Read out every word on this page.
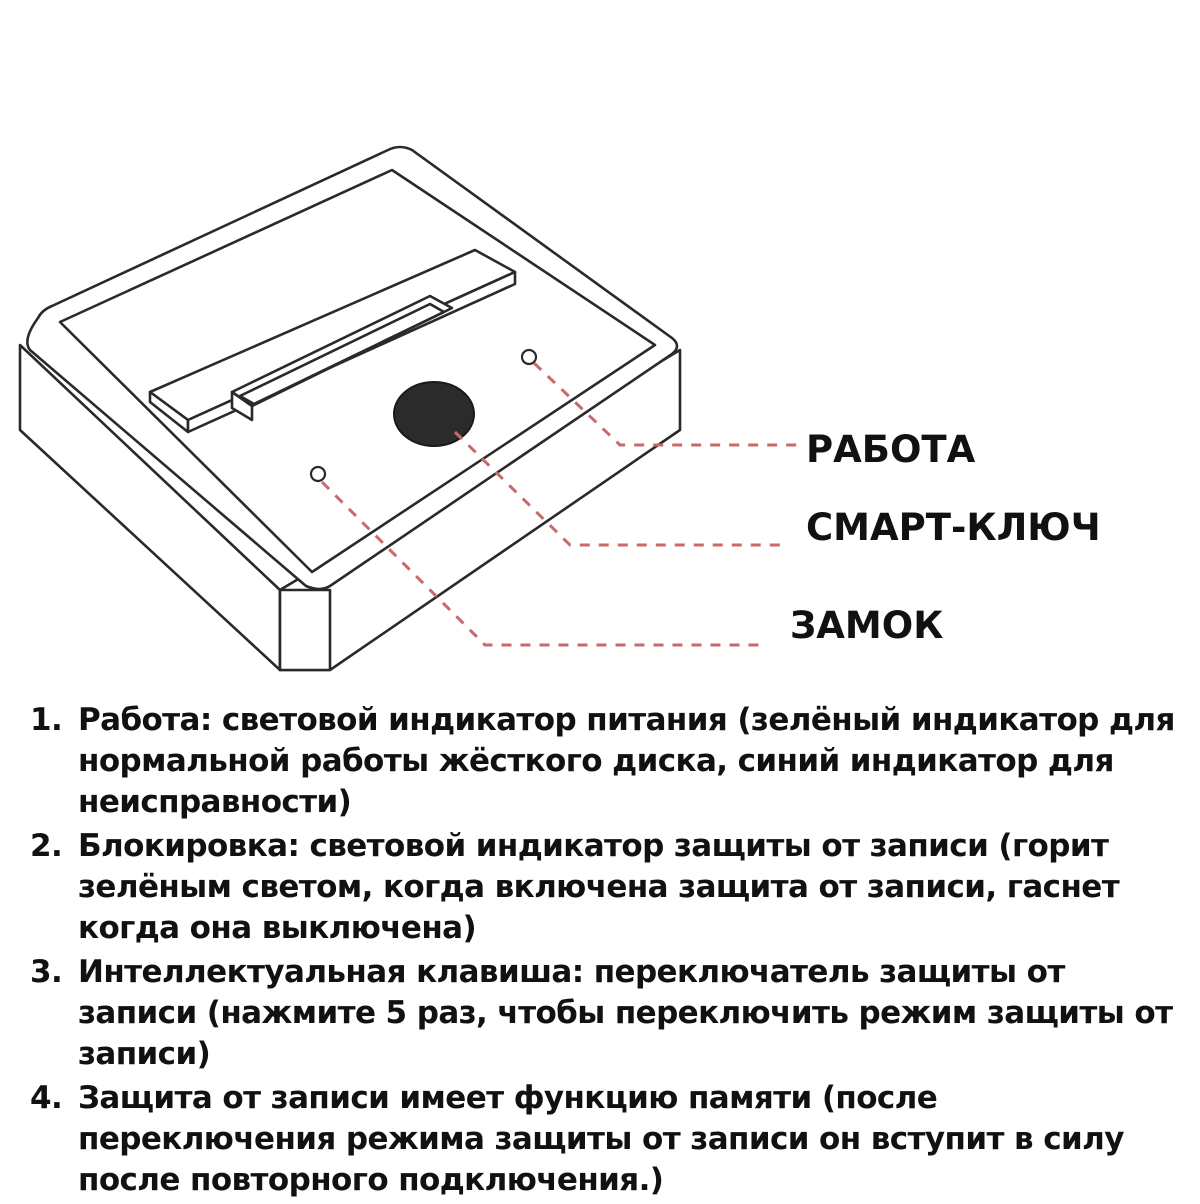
РАБОТА
СМАРТ-КЛЮЧ
ЗАМОК
1. Работа: световой индикатор питания (зелёный индикатор для нормальной работы жёсткого диска, синий индикатор для неисправности)
2. Блокировка: световой индикатор защиты от записи (горит зелёным светом, когда включена защита от записи, гаснет когда она выключена)
3. Интеллектуальная клавиша: переключатель защиты от записи (нажмите 5 раз, чтобы переключить режим защиты от записи)
4. Защита от записи имеет функцию памяти (после переключения режима защиты от записи он вступит в силу после повторного подключения.)
